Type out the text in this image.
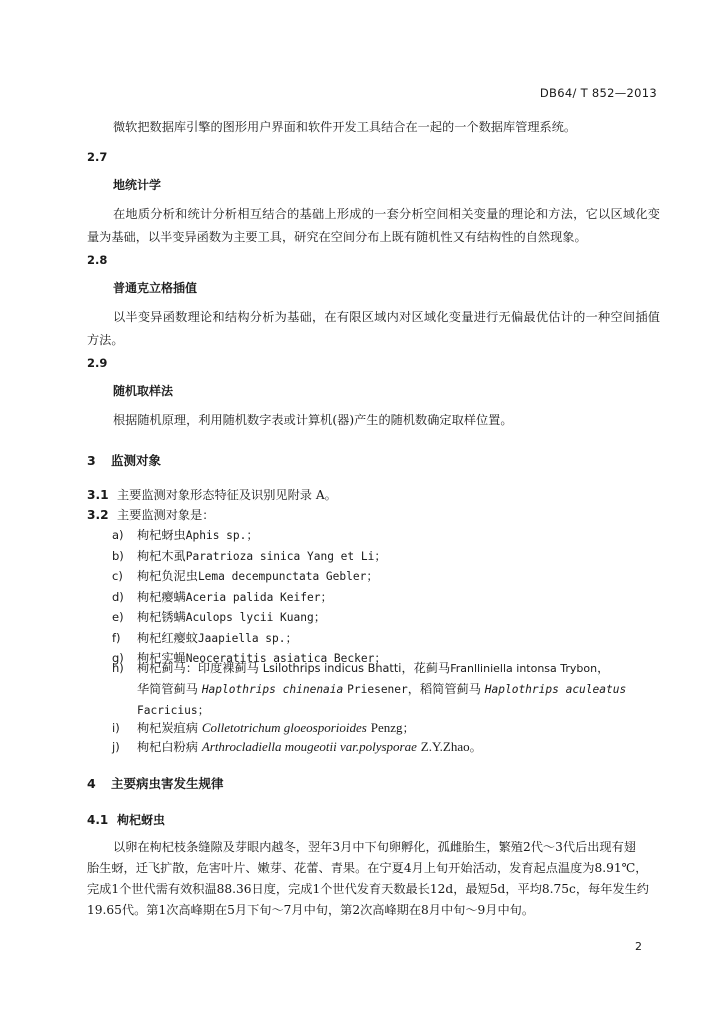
DB64/ T 852—2013
微软把数据库引擎的图形用户界面和软件开发工具结合在一起的一个数据库管理系统。
2.7
地统计学
在地质分析和统计分析相互结合的基础上形成的一套分析空间相关变量的理论和方法，它以区域化变量为基础，以半变异函数为主要工具，研究在空间分布上既有随机性又有结构性的自然现象。
2.8
普通克立格插值
以半变异函数理论和结构分析为基础，在有限区域内对区域化变量进行无偏最优估计的一种空间插值方法。
2.9
随机取样法
根据随机原理，利用随机数字表或计算机(器)产生的随机数确定取样位置。
3 监测对象
3.1 主要监测对象形态特征及识别见附录 A。
3.2 主要监测对象是：
a) 枸杞蚜虫Aphis sp.；
b) 枸杞木虱Paratrioza sinica Yang et Li；
c) 枸杞负泥虫Lema decempunctata Gebler；
d) 枸杞瘿螨Aceria palida Keifer；
e) 枸杞锈螨Aculops lycii Kuang；
f) 枸杞红瘿蚊Jaapiella sp.；
g) 枸杞实蝇Neoceratitis asiatica Becker；
h) 枸杞蓟马：印度裸蓟马 Lsilothrips indicus Bhatti，花蓟马Franlliniella intonsa Trybon，
华简管蓟马 Haplothrips chinenaia Priesener，稻简管蓟马 Haplothrips aculeatus
Facricius；
i) 枸杞炭疽病 Colletotrichum gloeosporioides Penzg；
j) 枸杞白粉病 Arthrocladiella mougeotii var.polysporae Z.Y.Zhao。
4 主要病虫害发生规律
4.1 枸杞蚜虫
以卵在枸杞枝条缝隙及芽眼内越冬，翌年3月中下旬卵孵化，孤雌胎生，繁殖2代～3代后出现有翅
胎生蚜，迁飞扩散，危害叶片、嫩芽、花蕾、青果。在宁夏4月上旬开始活动，发育起点温度为8.91℃，
完成1个世代需有效积温88.36日度，完成1个世代发育天数最长12d，最短5d，平均8.75c，每年发生约
19.65代。第1次高峰期在5月下旬～7月中旬，第2次高峰期在8月中旬～9月中旬。
2
